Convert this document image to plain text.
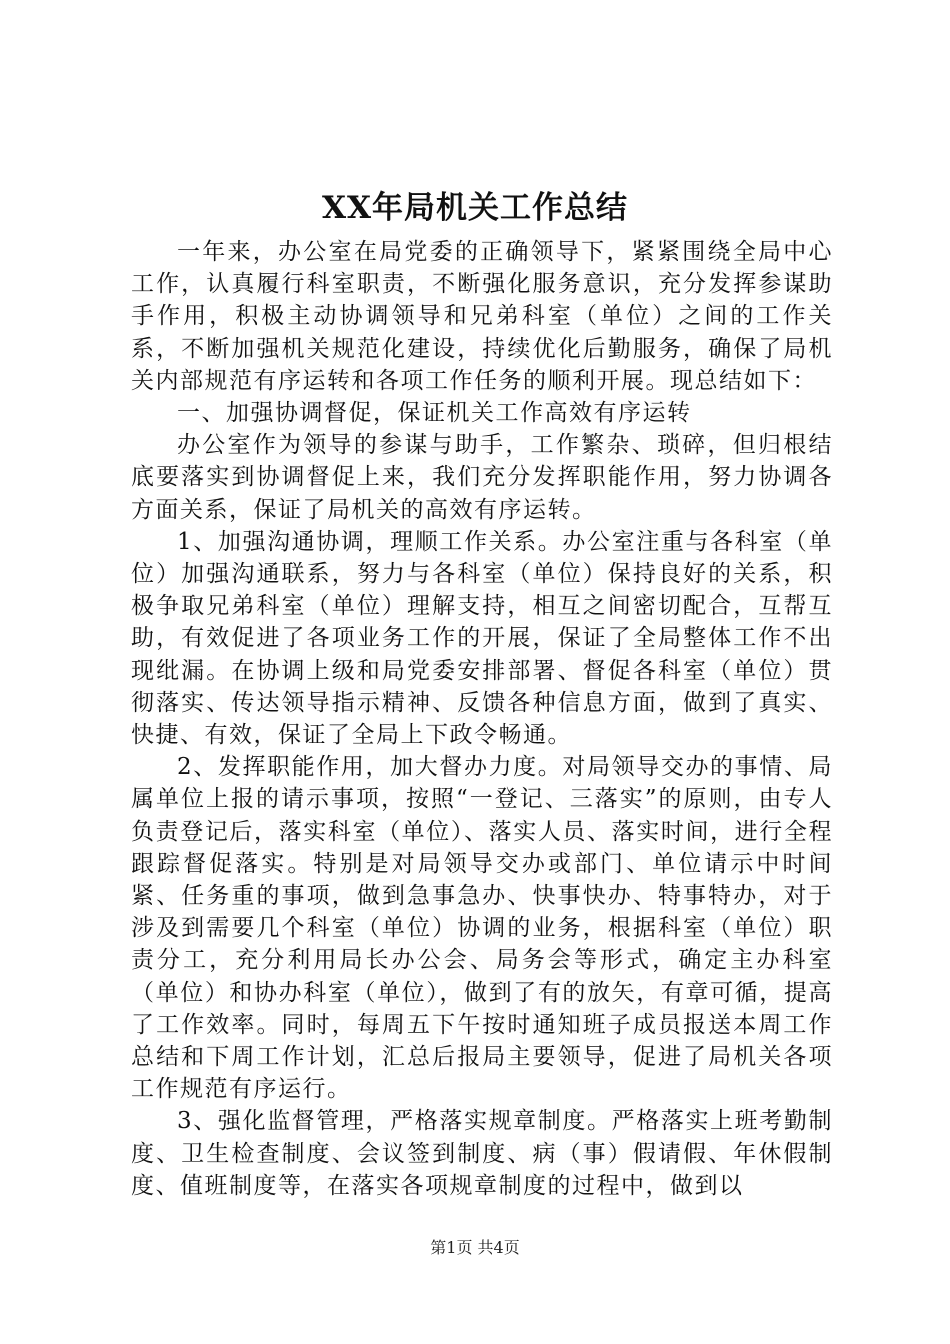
XX年局机关工作总结

一年来，办公室在局党委的正确领导下，紧紧围绕全局中心工作，认真履行科室职责，不断强化服务意识，充分发挥参谋助手作用，积极主动协调领导和兄弟科室（单位）之间的工作关系，不断加强机关规范化建设，持续优化后勤服务，确保了局机关内部规范有序运转和各项工作任务的顺利开展。现总结如下：

一、加强协调督促，保证机关工作高效有序运转

办公室作为领导的参谋与助手，工作繁杂、琐碎，但归根结底要落实到协调督促上来，我们充分发挥职能作用，努力协调各方面关系，保证了局机关的高效有序运转。

1、加强沟通协调，理顺工作关系。办公室注重与各科室（单位）加强沟通联系，努力与各科室（单位）保持良好的关系，积极争取兄弟科室（单位）理解支持，相互之间密切配合，互帮互助，有效促进了各项业务工作的开展，保证了全局整体工作不出现纰漏。在协调上级和局党委安排部署、督促各科室（单位）贯彻落实、传达领导指示精神、反馈各种信息方面，做到了真实、快捷、有效，保证了全局上下政令畅通。

2、发挥职能作用，加大督办力度。对局领导交办的事情、局属单位上报的请示事项，按照“一登记、三落实”的原则，由专人负责登记后，落实科室（单位）、落实人员、落实时间，进行全程跟踪督促落实。特别是对局领导交办或部门、单位请示中时间紧、任务重的事项，做到急事急办、快事快办、特事特办，对于涉及到需要几个科室（单位）协调的业务，根据科室（单位）职责分工，充分利用局长办公会、局务会等形式，确定主办科室（单位）和协办科室（单位），做到了有的放矢，有章可循，提高了工作效率。同时，每周五下午按时通知班子成员报送本周工作总结和下周工作计划，汇总后报局主要领导，促进了局机关各项工作规范有序运行。

3、强化监督管理，严格落实规章制度。严格落实上班考勤制度、卫生检查制度、会议签到制度、病（事）假请假、年休假制度、值班制度等，在落实各项规章制度的过程中，做到以

第1页 共4页
